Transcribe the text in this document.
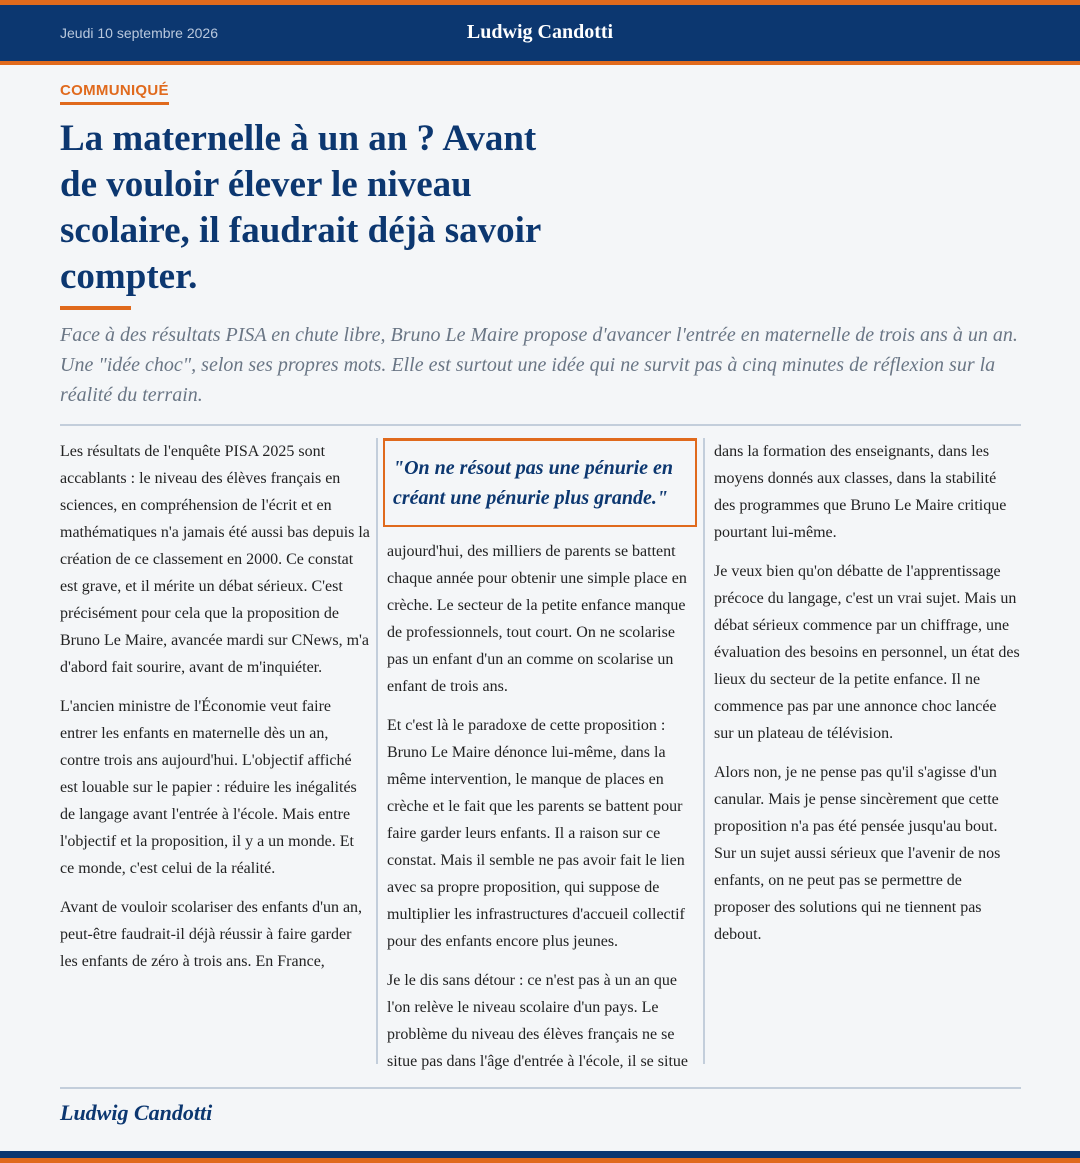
Jeudi 10 septembre 2026	Ludwig Candotti
COMMUNIQUÉ
La maternelle à un an ? Avant de vouloir élever le niveau scolaire, il faudrait déjà savoir compter.

Face à des résultats PISA en chute libre, Bruno Le Maire propose d'avancer l'entrée en maternelle de trois ans à un an. Une "idée choc", selon ses propres mots. Elle est surtout une idée qui ne survit pas à cinq minutes de réflexion sur la réalité du terrain.

Les résultats de l'enquête PISA 2025 sont accablants : le niveau des élèves français en sciences, en compréhension de l'écrit et en mathématiques n'a jamais été aussi bas depuis la création de ce classement en 2000. Ce constat est grave, et il mérite un débat sérieux. C'est précisément pour cela que la proposition de Bruno Le Maire, avancée mardi sur CNews, m'a d'abord fait sourire, avant de m'inquiéter.

L'ancien ministre de l'Économie veut faire entrer les enfants en maternelle dès un an, contre trois ans aujourd'hui. L'objectif affiché est louable sur le papier : réduire les inégalités de langage avant l'entrée à l'école. Mais entre l'objectif et la proposition, il y a un monde. Et ce monde, c'est celui de la réalité.

Avant de vouloir scolariser des enfants d'un an, peut-être faudrait-il déjà réussir à faire garder les enfants de zéro à trois ans. En France,

"On ne résout pas une pénurie en créant une pénurie plus grande."

aujourd'hui, des milliers de parents se battent chaque année pour obtenir une simple place en crèche. Le secteur de la petite enfance manque de professionnels, tout court. On ne scolarise pas un enfant d'un an comme on scolarise un enfant de trois ans.

Et c'est là le paradoxe de cette proposition : Bruno Le Maire dénonce lui-même, dans la même intervention, le manque de places en crèche et le fait que les parents se battent pour faire garder leurs enfants. Il a raison sur ce constat. Mais il semble ne pas avoir fait le lien avec sa propre proposition, qui suppose de multiplier les infrastructures d'accueil collectif pour des enfants encore plus jeunes.

Je le dis sans détour : ce n'est pas à un an que l'on relève le niveau scolaire d'un pays. Le problème du niveau des élèves français ne se situe pas dans l'âge d'entrée à l'école, il se situe

dans la formation des enseignants, dans les moyens donnés aux classes, dans la stabilité des programmes que Bruno Le Maire critique pourtant lui-même.

Je veux bien qu'on débatte de l'apprentissage précoce du langage, c'est un vrai sujet. Mais un débat sérieux commence par un chiffrage, une évaluation des besoins en personnel, un état des lieux du secteur de la petite enfance. Il ne commence pas par une annonce choc lancée sur un plateau de télévision.

Alors non, je ne pense pas qu'il s'agisse d'un canular. Mais je pense sincèrement que cette proposition n'a pas été pensée jusqu'au bout. Sur un sujet aussi sérieux que l'avenir de nos enfants, on ne peut pas se permettre de proposer des solutions qui ne tiennent pas debout.

Ludwig Candotti
